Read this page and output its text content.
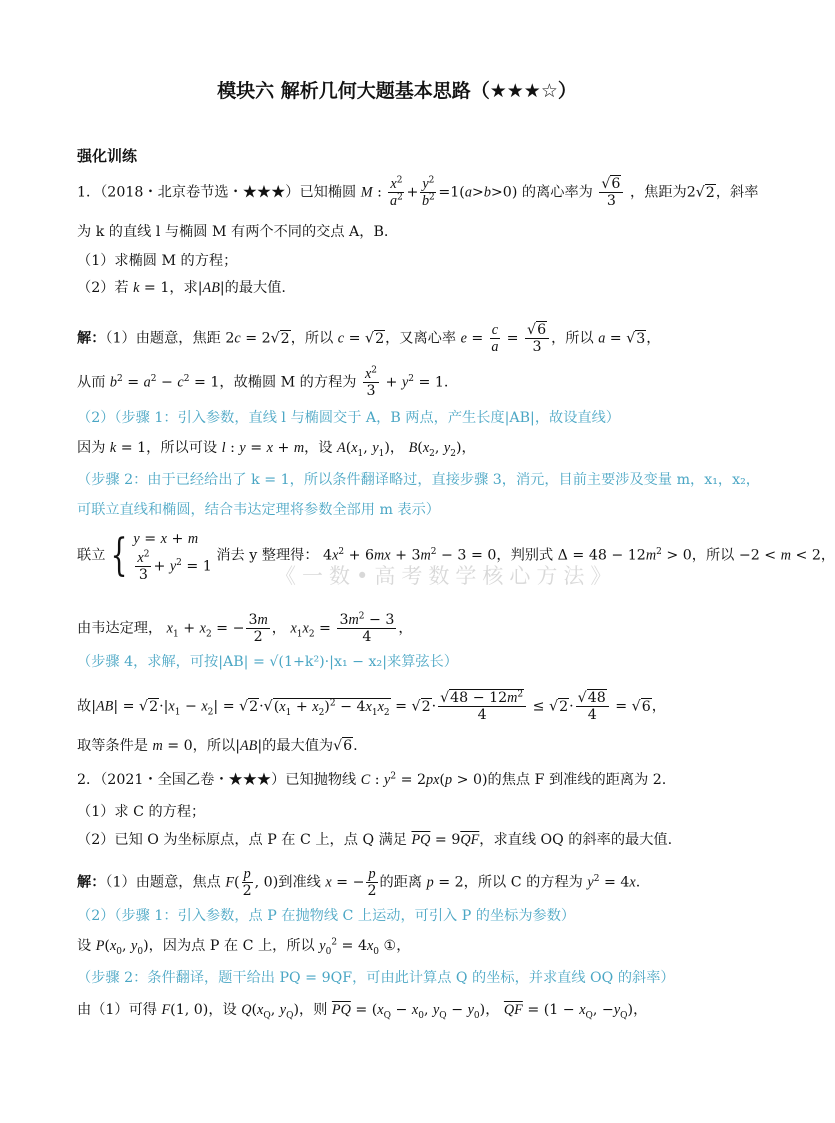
模块六 解析几何大题基本思路（★★★☆）
强化训练
《一数•高考数学核心方法》
1．（2018・北京卷节选・★★★）已知椭圆 M : $\frac{x^2}{a^2} + \frac{y^2}{b^2} =1(a>b>0)$ 的离心率为 $\frac{√6}{3}$ ，焦距为2√2，斜率
为 k 的直线 l 与椭圆 M 有两个不同的交点 A，B.
（1）求椭圆 M 的方程；
（2）若 k = 1，求|AB|的最大值.
解：（1）由题意，焦距 2c = 2√2，所以 c = √2，又离心率 $e = \frac{c}{a} = \frac{√6}{3}$ ，所以 a = √3，
从而 $b^2 = a^2 - c^2 = 1$，故椭圆 M 的方程为 $\frac{x^2}{3} + y^2 = 1$.
（2）（步骤 1：引入参数，直线 l 与椭圆交于 A，B 两点，产生长度|AB|，故设直线）
因为 k = 1，所以可设 l : y = x + m，设 $A(x_1$, $y_1$)， $B(x_2$, $y_2$)，
（步骤 2：由于已经给出了 k = 1，所以条件翻译略过，直接步骤 3，消元，目前主要涉及变量 m，x₁，x₂，
可联立直线和椭圆，结合韦达定理将参数全部用 m 表示）
联立 { y = x + m
$\frac{x^2}{3} + y^2 = 1$
消去 y 整理得： $4x^2 + 6mx + 3m^2 - 3 = 0$，判别式 $\Delta = 48 - 12m^2 > 0$，所以 −2 < m < 2，
由韦达定理， $x_1 + x_2$ = − $\frac{3m}{2}$ ， $x_1x_2 = \frac{3m^2 - 3}{4}$ ，
（步骤 4，求解，可按|AB| = √(1+k²)·|x₁ − x₂|来算弦长）
故$|AB| = √2\cdot|x_1 - x_2| = √2\cdot√(x_1 + x_2)^2 - 4x_1x_2 = √2\cdot \frac{√48 - 12m^2}{4} \le √2\cdot \frac{√48}{4} = √6$，
取等条件是 m = 0，所以|AB|的最大值为√6.
2．（2021・全国乙卷・★★★）已知抛物线 C : $y^2 = 2px(p > 0)$的焦点 F 到准线的距离为 2.
（1）求 C 的方程；
（2）已知 O 为坐标原点，点 P 在 C 上，点 Q 满足 $\overline{PQ} = 9\overline{QF}$，求直线 OQ 的斜率的最大值.
解：（1）由题意，焦点 $F( \frac{p}{2}$ , 0)到准线 x = − $\frac{p}{2}$ 的距离 p = 2，所以 C 的方程为 $y^2 = 4x$.
（2）（步骤 1：引入参数，点 P 在抛物线 C 上运动，可引入 P 的坐标为参数）
设 $P(x_0$, $y_0$)，因为点 P 在 C 上，所以 $y_0^2 = 4x_0$ ①，
（步骤 2：条件翻译，题干给出 PQ = 9QF，可由此计算点 Q 的坐标，并求直线 OQ 的斜率）
由（1）可得 F(1, 0)，设 $Q(x_Q$, $y_Q$)，则 $\overline{PQ} = (x_Q - x_0$, $y_Q - y_0$)， $\overline{QF} = (1 - x_Q$, $-y_Q$)，
